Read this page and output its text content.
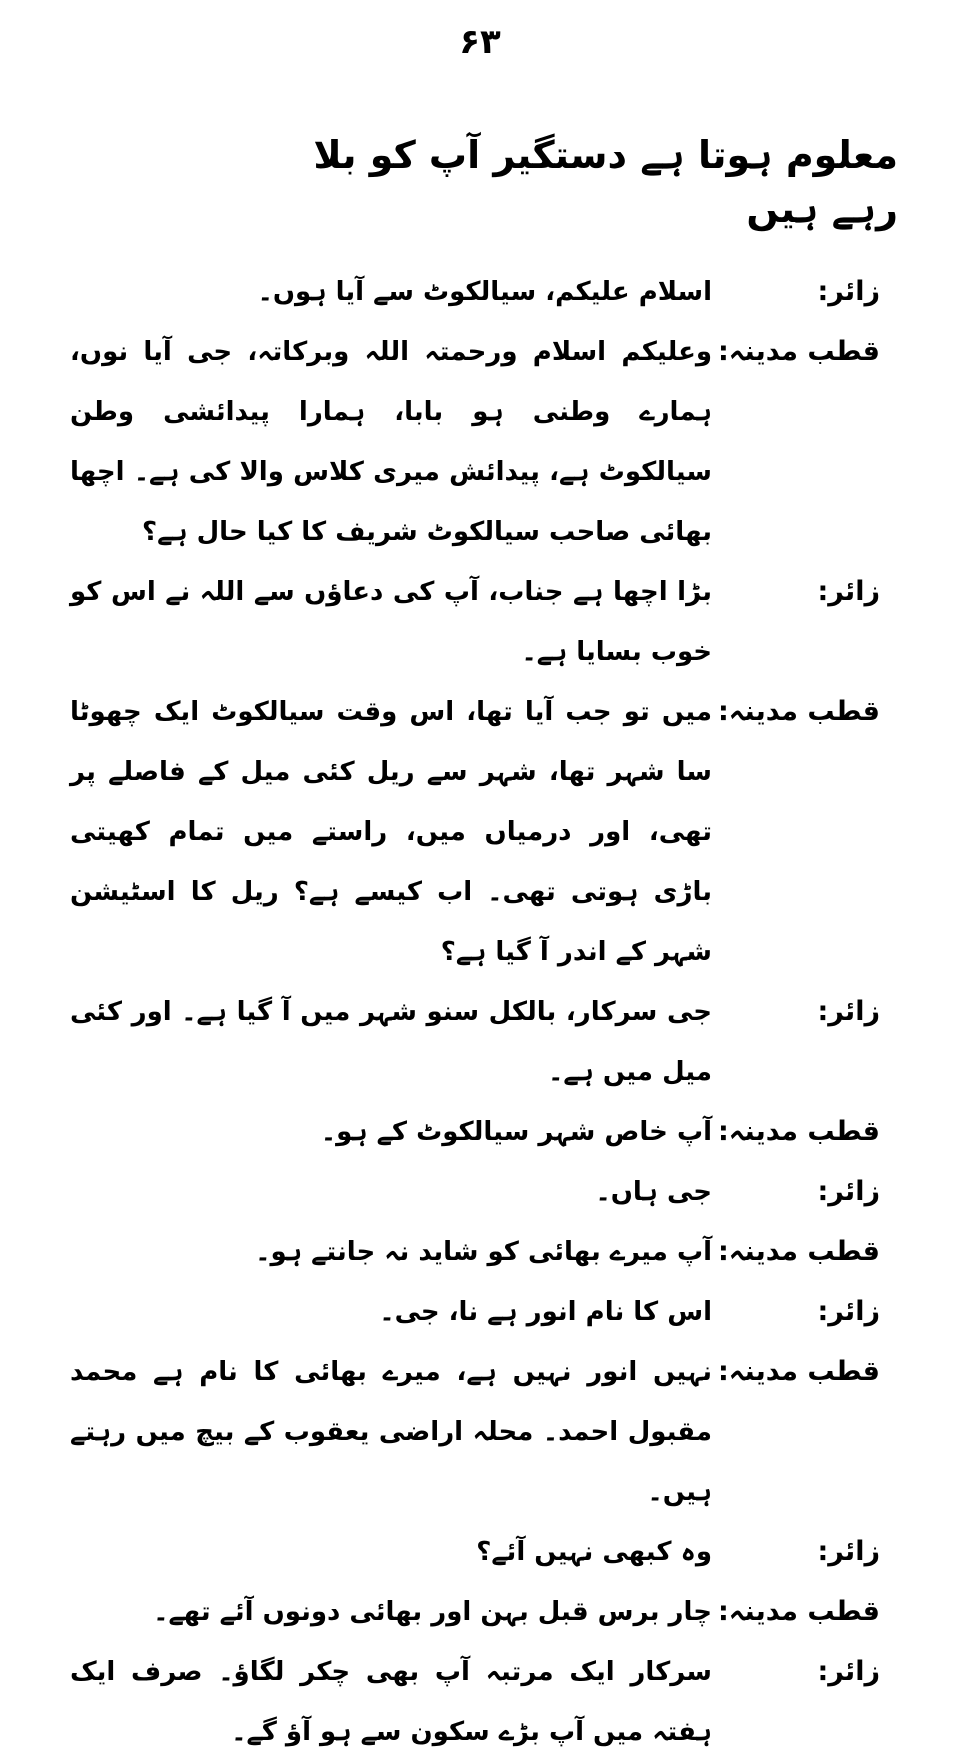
۶۳
معلوم ہوتا ہے دستگیر آپ کو بلا رہے ہیں
زائر:
اسلام علیکم، سیالکوٹ سے آیا ہوں۔
قطب مدینہ:
وعلیکم اسلام ورحمتہ اللہ وبرکاتہ، جی آیا نوں، ہمارے وطنی ہو بابا، ہمارا پیدائشی وطن سیالکوٹ ہے، پیدائش میری کلاس والا کی ہے۔ اچھا بھائی صاحب سیالکوٹ شریف کا کیا حال ہے؟
زائر:
بڑا اچھا ہے جناب، آپ کی دعاؤں سے اللہ نے اس کو خوب بسایا ہے۔
قطب مدینہ:
میں تو جب آیا تھا، اس وقت سیالکوٹ ایک چھوٹا سا شہر تھا، شہر سے ریل کئی میل کے فاصلے پر تھی، اور درمیاں میں، راستے میں تمام کھیتی باڑی ہوتی تھی۔ اب کیسے ہے؟ ریل کا اسٹیشن شہر کے اندر آ گیا ہے؟
زائر:
جی سرکار، بالکل سنو شہر میں آ گیا ہے۔ اور کئی میل میں ہے۔
قطب مدینہ:
آپ خاص شہر سیالکوٹ کے ہو۔
زائر:
جی ہاں۔
قطب مدینہ:
آپ میرے بھائی کو شاید نہ جانتے ہو۔
زائر:
اس کا نام انور ہے نا، جی۔
قطب مدینہ:
نہیں انور نہیں ہے، میرے بھائی کا نام ہے محمد مقبول احمد۔ محلہ اراضی یعقوب کے بیچ میں رہتے ہیں۔
زائر:
وہ کبھی نہیں آئے؟
قطب مدینہ:
چار برس قبل بہن اور بھائی دونوں آئے تھے۔
زائر:
سرکار ایک مرتبہ آپ بھی چکر لگاؤ۔ صرف ایک ہفتہ میں آپ بڑے سکون سے ہو آؤ گے۔
